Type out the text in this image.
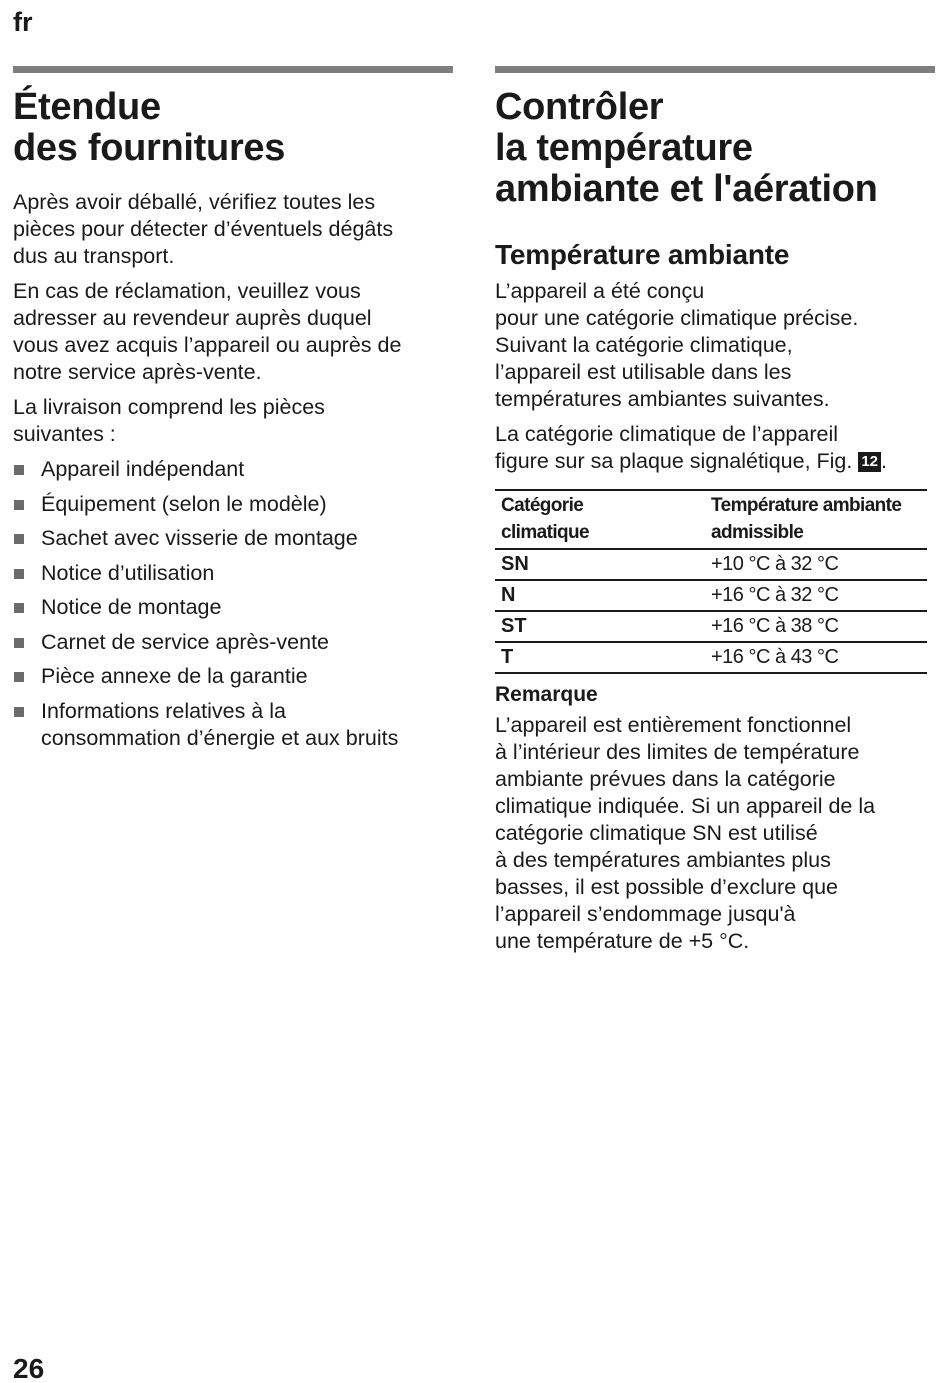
fr
Étendue
des fournitures

Après avoir déballé, vérifiez toutes les
pièces pour détecter d’éventuels dégâts
dus au transport.

En cas de réclamation, veuillez vous
adresser au revendeur auprès duquel
vous avez acquis l’appareil ou auprès de
notre service après-vente.

La livraison comprend les pièces
suivantes :

Appareil indépendant
Équipement (selon le modèle)
Sachet avec visserie de montage
Notice d’utilisation
Notice de montage
Carnet de service après-vente
Pièce annexe de la garantie
Informations relatives à la
consommation d’énergie et aux bruits
Contrôler
la température
ambiante et l'aération
Température ambiante

L’appareil a été conçu
pour une catégorie climatique précise.
Suivant la catégorie climatique,
l’appareil est utilisable dans les
températures ambiantes suivantes.

La catégorie climatique de l’appareil
figure sur sa plaque signalétique, Fig. 12 .

Catégorie
climatique	Température ambiante
admissible

SN	+10 °C à 32 °C
N	+16 °C à 32 °C
ST	+16 °C à 38 °C
T	+16 °C à 43 °C
Remarque

L’appareil est entièrement fonctionnel
à l’intérieur des limites de température
ambiante prévues dans la catégorie
climatique indiquée. Si un appareil de la
catégorie climatique SN est utilisé
à des températures ambiantes plus
basses, il est possible d’exclure que
l’appareil s’endommage jusqu'à
une température de +5 °C.

26
